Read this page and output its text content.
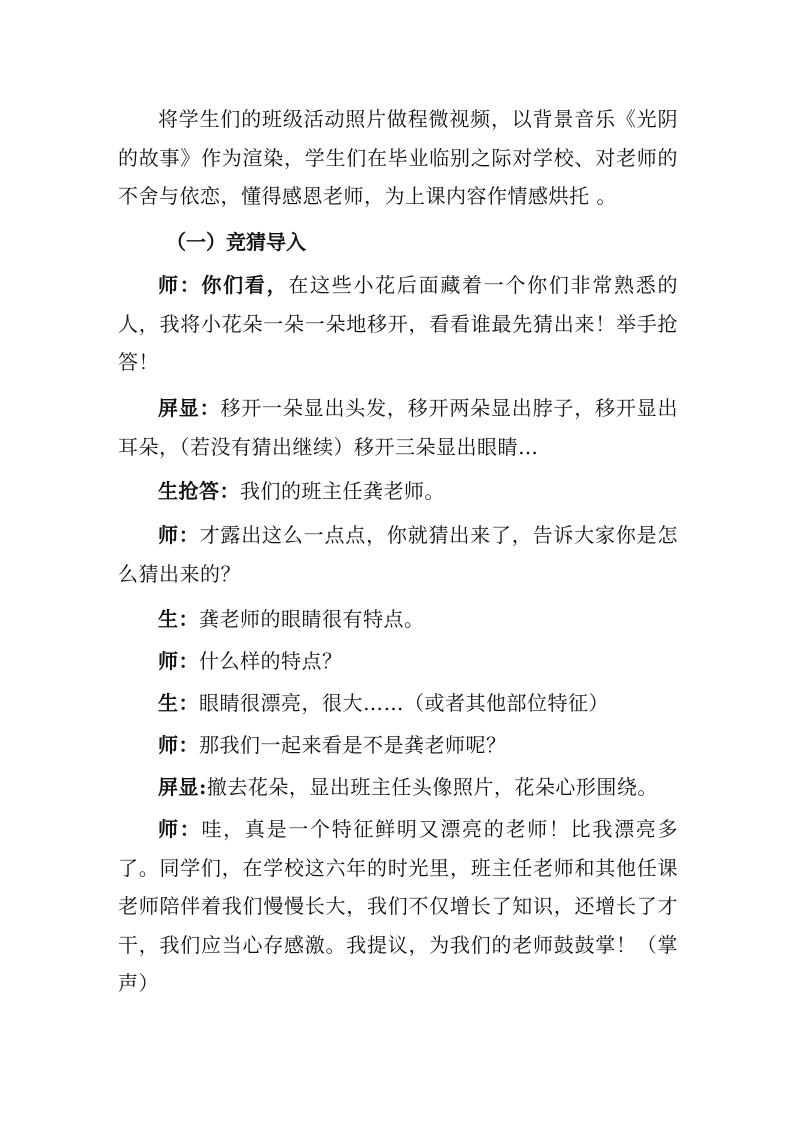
将学生们的班级活动照片做程微视频，以背景音乐《光阴的故事》作为渲染，学生们在毕业临别之际对学校、对老师的不舍与依恋，懂得感恩老师，为上课内容作情感烘托 。

（一）竞猜导入

师：你们看，在这些小花后面藏着一个你们非常熟悉的人，我将小花朵一朵一朵地移开，看看谁最先猜出来！举手抢答！

屏显：移开一朵显出头发，移开两朵显出脖子，移开显出耳朵，（若没有猜出继续）移开三朵显出眼睛…

生抢答：我们的班主任龚老师。

师：才露出这么一点点，你就猜出来了，告诉大家你是怎么猜出来的？

生：龚老师的眼睛很有特点。

师：什么样的特点？

生：眼睛很漂亮，很大……（或者其他部位特征）

师：那我们一起来看是不是龚老师呢？

屏显:撤去花朵，显出班主任头像照片，花朵心形围绕。

师：哇，真是一个特征鲜明又漂亮的老师！比我漂亮多了。同学们，在学校这六年的时光里，班主任老师和其他任课老师陪伴着我们慢慢长大，我们不仅增长了知识，还增长了才干，我们应当心存感激。我提议，为我们的老师鼓鼓掌！（掌声）
